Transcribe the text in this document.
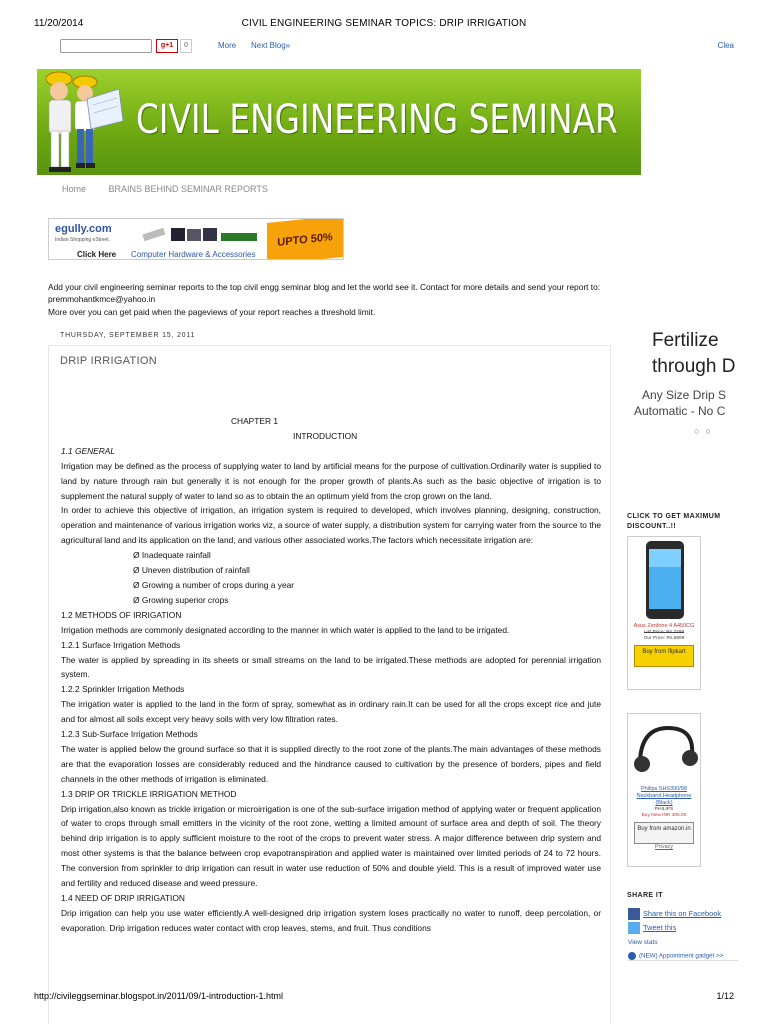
11/20/2014	CIVIL ENGINEERING SEMINAR TOPICS: DRIP IRRIGATION
g+1	0	More Next Blog»	Clea
CIVIL ENGINEERING SEMINAR
Home	BRAINS BEHIND SEMINAR REPORTS
egully.com
Indian Shopping eStreet.
Click Here Computer Hardware & Accessories
UPTO 50%
Add your civil engineering seminar reports to the top civil engg seminar blog and let the world see it. Contact for more details and send your report to:
premmohantkmce@yahoo.in
More over you can get paid when the pageviews of your report reaches a threshold limit.
THURSDAY, SEPTEMBER 15, 2011
DRIP IRRIGATION
CHAPTER 1
INTRODUCTION
1.1 GENERAL

Irrigation may be defined as the process of supplying water to land by artificial means for the purpose of cultivation.Ordinarily water is supplied to land by nature through rain but generally it is not enough for the proper growth of plants.As such as the basic objective of irrigation is to supplement the natural supply of water to land so as to obtain the an optimum yield from the crop grown on the land.

In order to achieve this objective of irrigation, an irrigation system is required to developed, which involves planning, designing, construction, operation and maintenance of various irrigation works viz, a source of water supply, a distribution system for carrying water from the source to the agricultural land and its application on the land, and various other associated works.The factors which necessitate irrigation are:

Ø Inadequate rainfall
Ø Uneven distribution of rainfall
Ø Growing a number of crops during a year
Ø Growing superior crops
1.2 METHODS OF IRRIGATION

Irrigation methods are commonly designated according to the manner in which water is applied to the land to be irrigated.

1.2.1 Surface Irrigation Methods

The water is applied by spreading in its sheets or small streams on the land to be irrigated.These methods are adopted for perennial irrigation system.

1.2.2 Sprinkler Irrigation Methods

The irrigation water is applied to the land in the form of spray, somewhat as in ordinary rain.It can be used for all the crops except rice and jute and for almost all soils except very heavy soils with very low filtration rates.

1.2.3 Sub-Surface Irrigation Methods

The water is applied below the ground surface so that it is supplied directly to the root zone of the plants.The main advantages of these methods are that the evaporation losses are considerably reduced and the hindrance caused to cultivation by the presence of borders, pipes and field channels in the other methods of irrigation is eliminated.

1.3 DRIP OR TRICKLE IRRIGATION METHOD

Drip irrigation,also known as trickle irrigation or microirrigation is one of the sub-surface irrigation method of applying water or frequent application of water to crops through small emitters in the vicinity of the root zone, wetting a limited amount of surface area and depth of soil. The theory behind drip irrigation is to apply sufficient moisture to the root of the crops to prevent water stress. A major difference between drip system and most other systems is that the balance between crop evapotranspiration and applied water is maintained over limited periods of 24 to 72 hours. The conversion from sprinkler to drip irrigation can result in water use reduction of 50% and double yield. This is a result of improved water use and fertility and reduced disease and weed pressure.

1.4 NEED OF DRIP IRRIGATION

Drip irrigation can help you use water efficiently.A well-designed drip irrigation system loses practically no water to runoff, deep percolation, or evaporation. Drip irrigation reduces water contact with crop leaves, stems, and fruit. Thus conditions

Fertilize
through D
Any Size Drip S
Automatic - No C
○○
CLICK TO GET MAXIMUM DISCOUNT..!!
Asus Zenfone 4 A450CG
List Price: Rs.7499
Our Price: Rs.6999
Buy from flipkart
Philips SHS390/98 Neckband Headphone (Black)
PHILIPS
Buy New INR 305.00
Buy from amazon.in
Privacy
SHARE IT
Share this on Facebook
Tweet this
View stats
(NEW) Appointment gadget >>
http://civileggseminar.blogspot.in/2011/09/1-introduction-1.html	1/12
